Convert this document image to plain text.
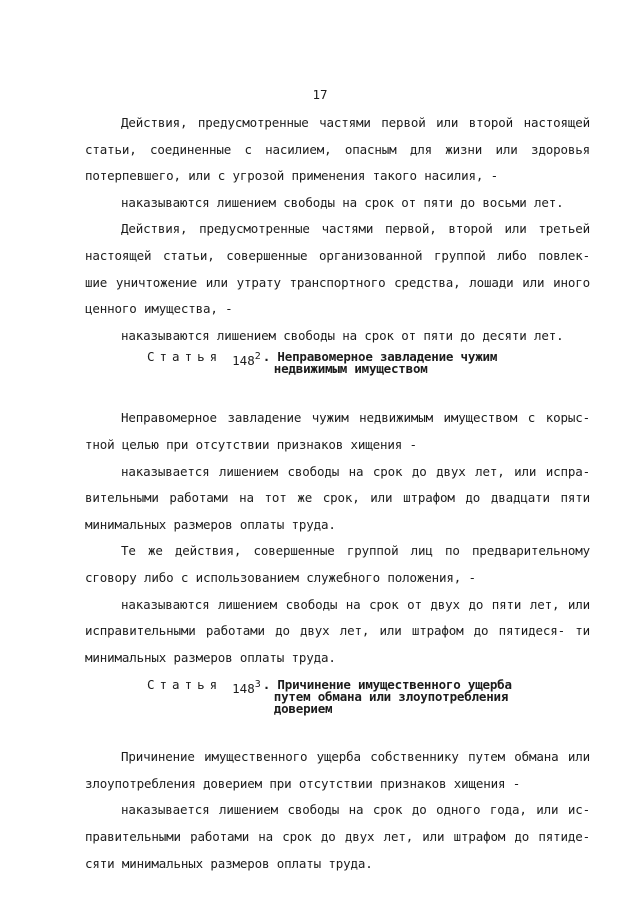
17

Действия, предусмотренные частями первой или второй настоящей статьи, соединенные с насилием, опасным для жизни или здоровья потерпевшего, или с угрозой применения такого насилия, -

наказываются лишением свободы на срок от пяти до восьми лет.

Действия, предусмотренные частями первой, второй или третьей настоящей статьи, совершенные организованной группой либо повлек- шие уничтожение или утрату транспортного средства, лошади или иного ценного имущества, -

наказываются лишением свободы на срок от пяти до десяти лет.

Статья $148^2$ . Неправомерное завладение чужим
недвижимым имуществом

Неправомерное завладение чужим недвижимым имуществом с корыс- тной целью при отсутствии признаков хищения -

наказывается лишением свободы на срок до двух лет, или испра- вительными работами на тот же срок, или штрафом до двадцати пяти минимальных размеров оплаты труда.

Те же действия, совершенные группой лиц по предварительному сговору либо с использованием служебного положения, -

наказываются лишением свободы на срок от двух до пяти лет, или исправительными работами до двух лет, или штрафом до пятидеся- ти минимальных размеров оплаты труда.

Статья $148^3$ . Причинение имущественного ущерба
путем обмана или злоупотребления
доверием

Причинение имущественного ущерба собственнику путем обмана или злоупотребления доверием при отсутствии признаков хищения -

наказывается лишением свободы на срок до одного года, или ис- правительными работами на срок до двух лет, или штрафом до пятиде- сяти минимальных размеров оплаты труда.
